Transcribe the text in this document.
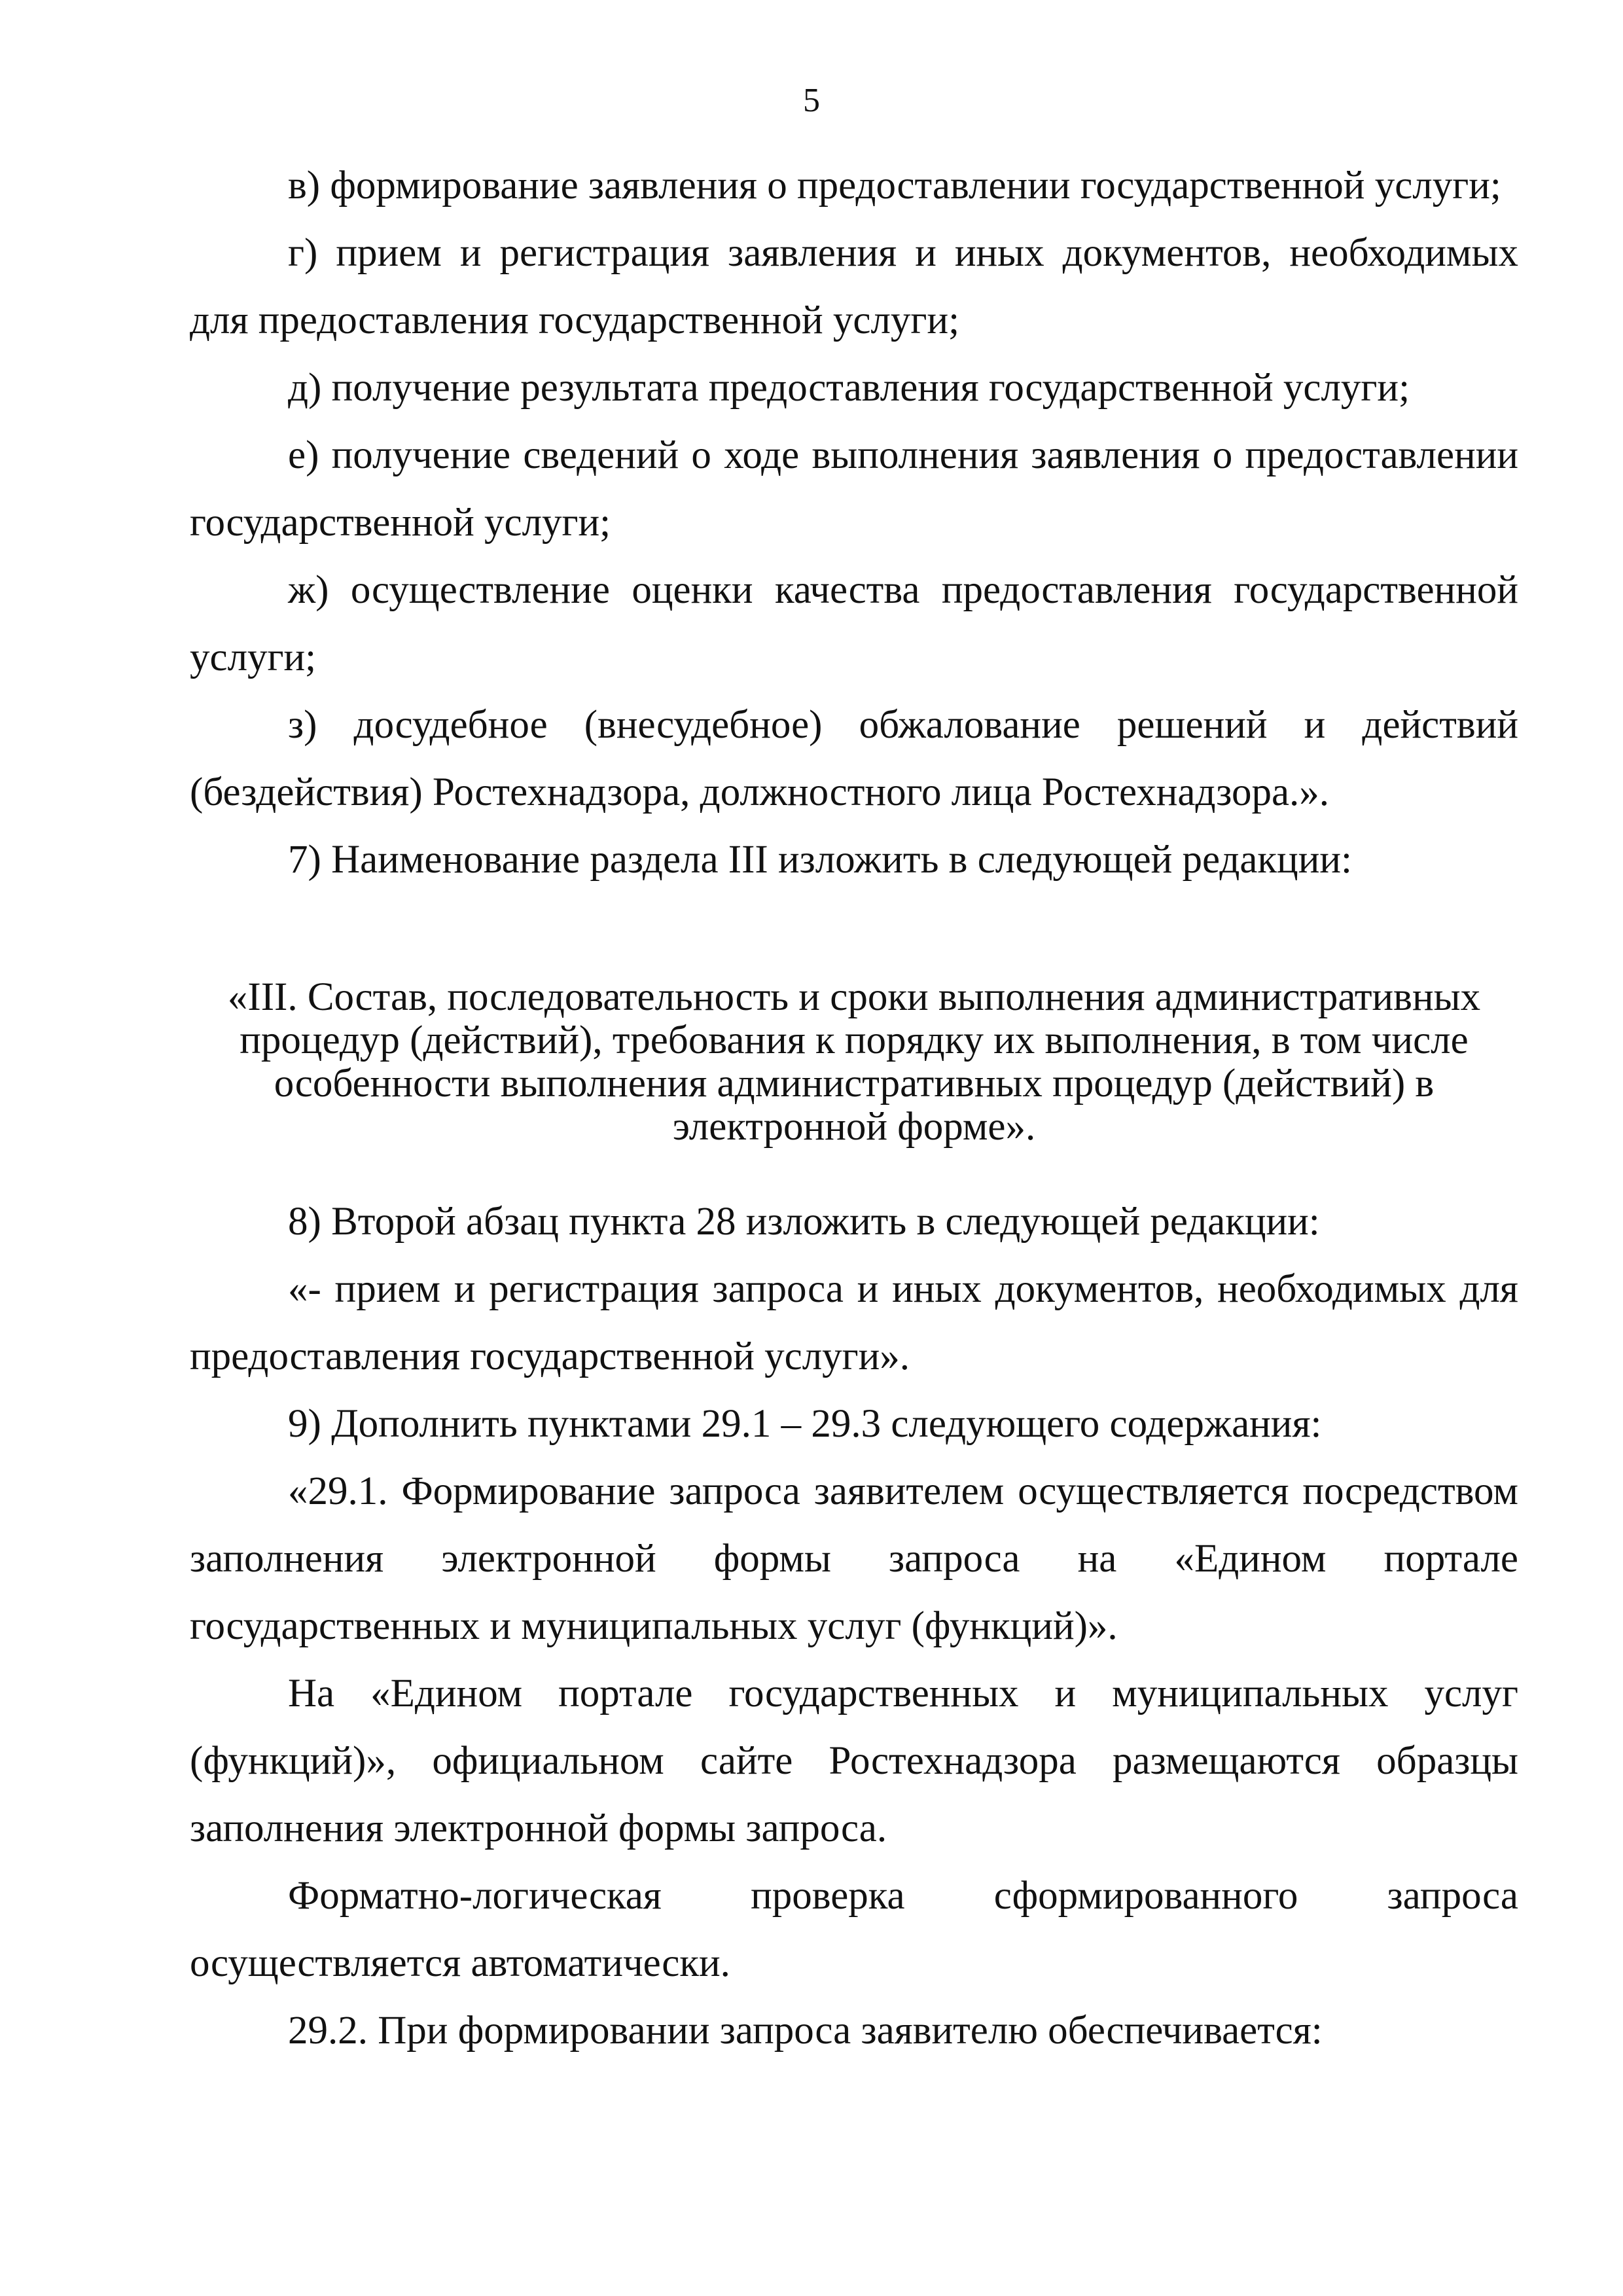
5

в) формирование заявления о предоставлении государственной услуги;

г) прием и регистрация заявления и иных документов, необходимых для предоставления государственной услуги;

д) получение результата предоставления государственной услуги;

е) получение сведений о ходе выполнения заявления о предоставлении государственной услуги;

ж) осуществление оценки качества предоставления государственной услуги;

з) досудебное (внесудебное) обжалование решений и действий (бездействия) Ростехнадзора, должностного лица Ростехнадзора.».

7) Наименование раздела III изложить в следующей редакции:

«III. Состав, последовательность и сроки выполнения административных процедур (действий), требования к порядку их выполнения, в том числе особенности выполнения административных процедур (действий) в электронной форме».

8) Второй абзац пункта 28 изложить в следующей редакции:

«- прием и регистрация запроса и иных документов, необходимых для предоставления государственной услуги».

9) Дополнить пунктами 29.1 – 29.3 следующего содержания:

«29.1. Формирование запроса заявителем осуществляется посредством заполнения электронной формы запроса на «Едином портале государственных и муниципальных услуг (функций)».

На «Едином портале государственных и муниципальных услуг (функций)», официальном сайте Ростехнадзора размещаются образцы заполнения электронной формы запроса.

Форматно-логическая проверка сформированного запроса осуществляется автоматически.

29.2. При формировании запроса заявителю обеспечивается:
